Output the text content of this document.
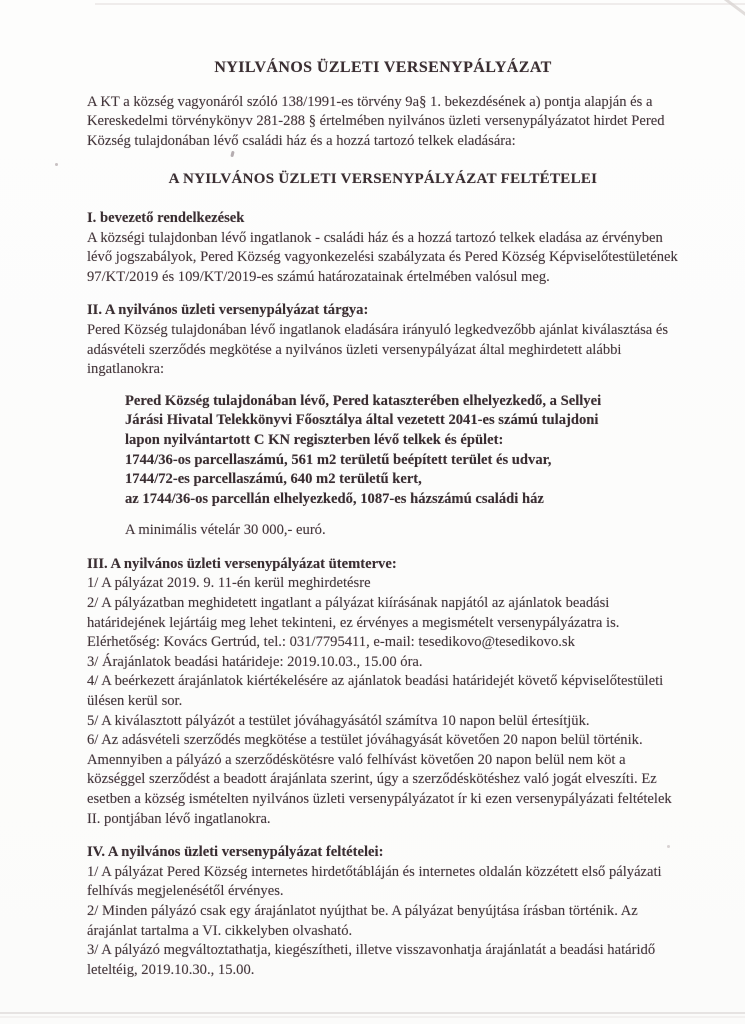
NYILVÁNOS ÜZLETI VERSENYPÁLYÁZAT

A KT a község vagyonáról szóló 138/1991-es törvény 9a§ 1. bekezdésének a) pontja alapján és a Kereskedelmi törvénykönyv 281-288 § értelmében nyilvános üzleti versenypályázatot hirdet Pered Község tulajdonában lévő családi ház és a hozzá tartozó telkek eladására:

A NYILVÁNOS ÜZLETI VERSENYPÁLYÁZAT FELTÉTELEI
I. bevezető rendelkezések

A községi tulajdonban lévő ingatlanok - családi ház és a hozzá tartozó telkek eladása az érvényben lévő jogszabályok, Pered Község vagyonkezelési szabályzata és Pered Község Képviselőtestületének 97/KT/2019 és 109/KT/2019-es számú határozatainak értelmében valósul meg.

II. A nyilvános üzleti versenypályázat tárgya:

Pered Község tulajdonában lévő ingatlanok eladására irányuló legkedvezőbb ajánlat kiválasztása és adásvételi szerződés megkötése a nyilvános üzleti versenypályázat által meghirdetett alábbi ingatlanokra:

Pered Község tulajdonában lévő, Pered kataszterében elhelyezkedő, a Sellyei
Járási Hivatal Telekkönyvi Főosztálya által vezetett 2041-es számú tulajdoni
lapon nyilvántartott C KN regiszterben lévő telkek és épület:
1744/36-os parcellaszámú, 561 m2 területű beépített terület és udvar,
1744/72-es parcellaszámú, 640 m2 területű kert,
az 1744/36-os parcellán elhelyezkedő, 1087-es házszámú családi ház
A minimális vételár 30 000,- euró.
III. A nyilvános üzleti versenypályázat ütemterve:

1/ A pályázat 2019. 9. 11-én kerül meghirdetésre

2/ A pályázatban meghidetett ingatlant a pályázat kiírásának napjától az ajánlatok beadási határidejének lejártáig meg lehet tekinteni, ez érvényes a megismételt versenypályázatra is.

Elérhetőség: Kovács Gertrúd, tel.: 031/7795411, e-mail: tesedikovo@tesedikovo.sk

3/ Árajánlatok beadási határideje: 2019.10.03., 15.00 óra.

4/ A beérkezett árajánlatok kiértékelésére az ajánlatok beadási határidejét követő képviselőtestületi ülésen kerül sor.

5/ A kiválasztott pályázót a testület jóváhagyásától számítva 10 napon belül értesítjük.

6/ Az adásvételi szerződés megkötése a testület jóváhagyását követően 20 napon belül történik. Amennyiben a pályázó a szerződéskötésre való felhívást követően 20 napon belül nem köt a községgel szerződést a beadott árajánlata szerint, úgy a szerződéskötéshez való jogát elveszíti. Ez esetben a község ismételten nyilvános üzleti versenypályázatot ír ki ezen versenypályázati feltételek II. pontjában lévő ingatlanokra.

IV. A nyilvános üzleti versenypályázat feltételei:

1/ A pályázat Pered Község internetes hirdetőtábláján és internetes oldalán közzétett első pályázati felhívás megjelenésétől érvényes.

2/ Minden pályázó csak egy árajánlatot nyújthat be. A pályázat benyújtása írásban történik. Az árajánlat tartalma a VI. cikkelyben olvasható.

3/ A pályázó megváltoztathatja, kiegészítheti, illetve visszavonhatja árajánlatát a beadási határidő leteltéig, 2019.10.30., 15.00.
